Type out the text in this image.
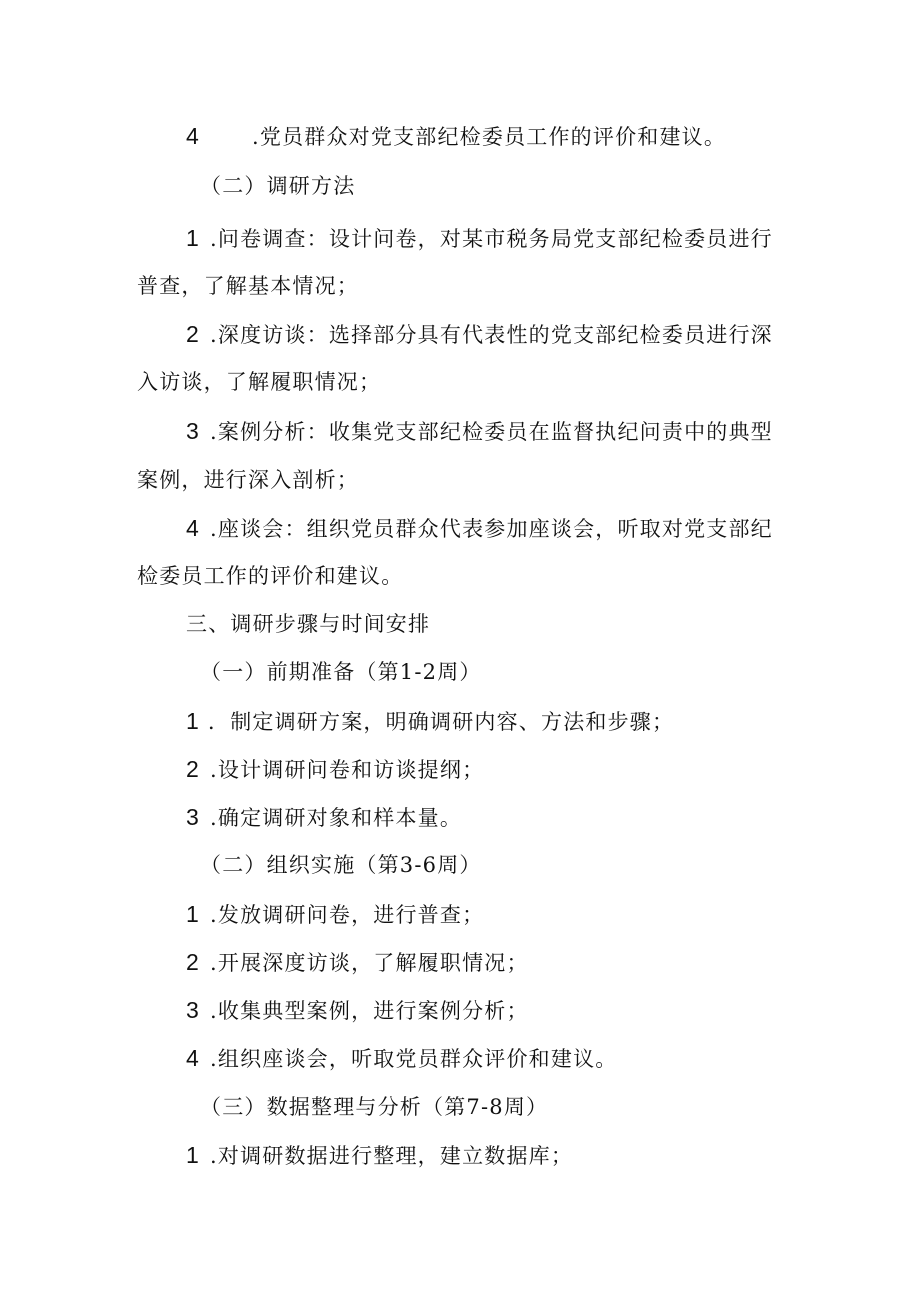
4 .党员群众对党支部纪检委员工作的评价和建议。
（二）调研方法
1 .问卷调查：设计问卷，对某市税务局党支部纪检委员进行
普查，了解基本情况；
2 .深度访谈：选择部分具有代表性的党支部纪检委员进行深
入访谈，了解履职情况；
3 .案例分析：收集党支部纪检委员在监督执纪问责中的典型
案例，进行深入剖析；
4 .座谈会：组织党员群众代表参加座谈会，听取对党支部纪
检委员工作的评价和建议。
三、调研步骤与时间安排
（一）前期准备（第1-2周）
1 ．制定调研方案，明确调研内容、方法和步骤；
2 .设计调研问卷和访谈提纲；
3 .确定调研对象和样本量。
（二）组织实施（第3-6周）
1 .发放调研问卷，进行普查；
2 .开展深度访谈，了解履职情况；
3 .收集典型案例，进行案例分析；
4 .组织座谈会，听取党员群众评价和建议。
（三）数据整理与分析（第7-8周）
1 .对调研数据进行整理，建立数据库；
